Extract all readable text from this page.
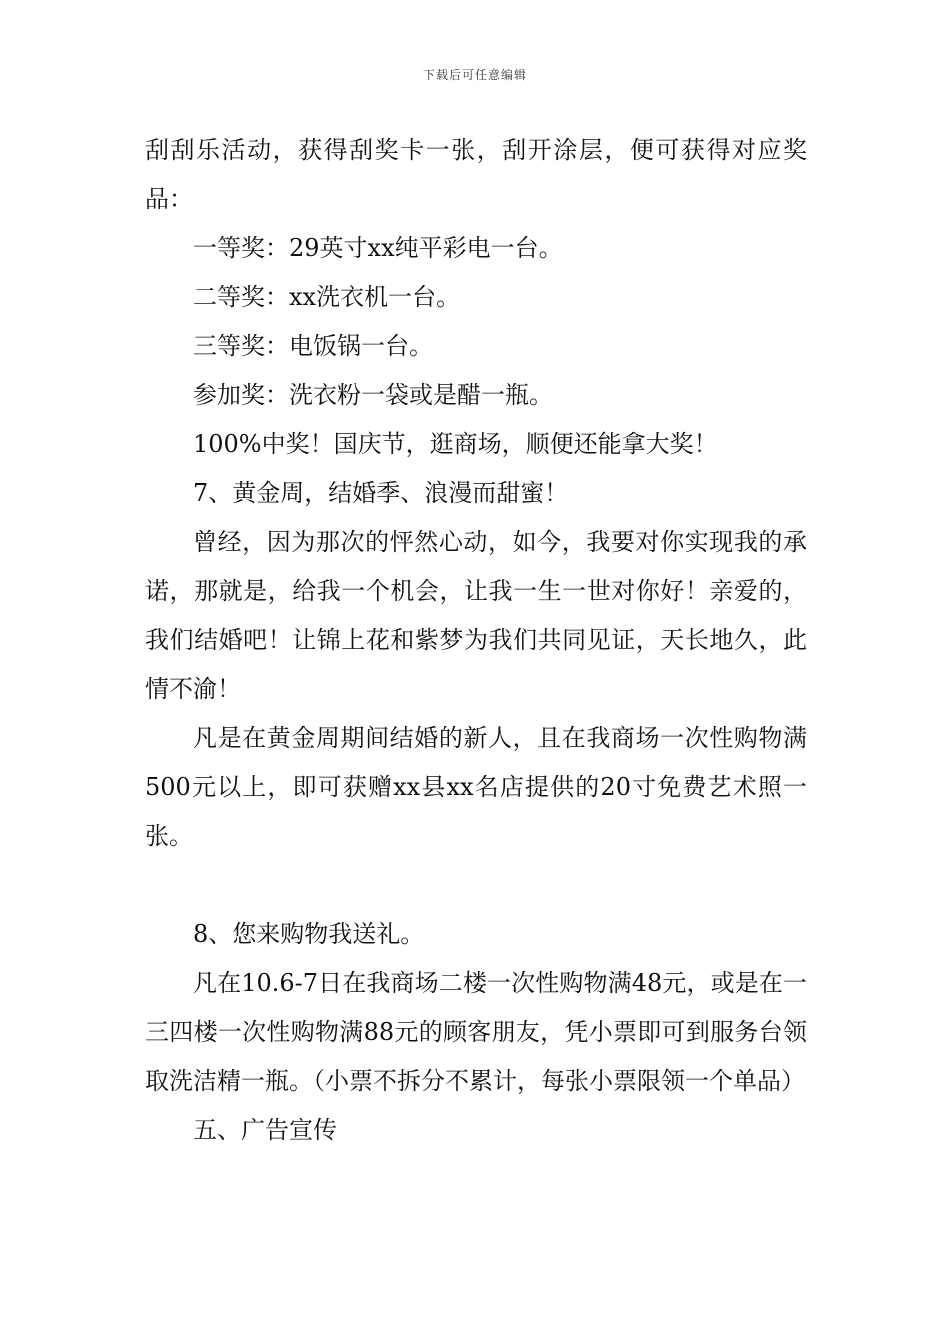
下载后可任意编辑

刮刮乐活动，获得刮奖卡一张，刮开涂层，便可获得对应奖品：

一等奖：29英寸xx纯平彩电一台。

二等奖：xx洗衣机一台。

三等奖：电饭锅一台。

参加奖：洗衣粉一袋或是醋一瓶。

100%中奖！国庆节，逛商场，顺便还能拿大奖！

7、黄金周，结婚季、浪漫而甜蜜！

曾经，因为那次的怦然心动，如今，我要对你实现我的承诺，那就是，给我一个机会，让我一生一世对你好！亲爱的，我们结婚吧！让锦上花和紫梦为我们共同见证，天长地久，此情不渝！

凡是在黄金周期间结婚的新人，且在我商场一次性购物满500元以上，即可获赠xx县xx名店提供的20寸免费艺术照一张。

8、您来购物我送礼。

凡在10.6-7日在我商场二楼一次性购物满48元，或是在一三四楼一次性购物满88元的顾客朋友，凭小票即可到服务台领取洗洁精一瓶。（小票不拆分不累计，每张小票限领一个单品）

五、广告宣传
